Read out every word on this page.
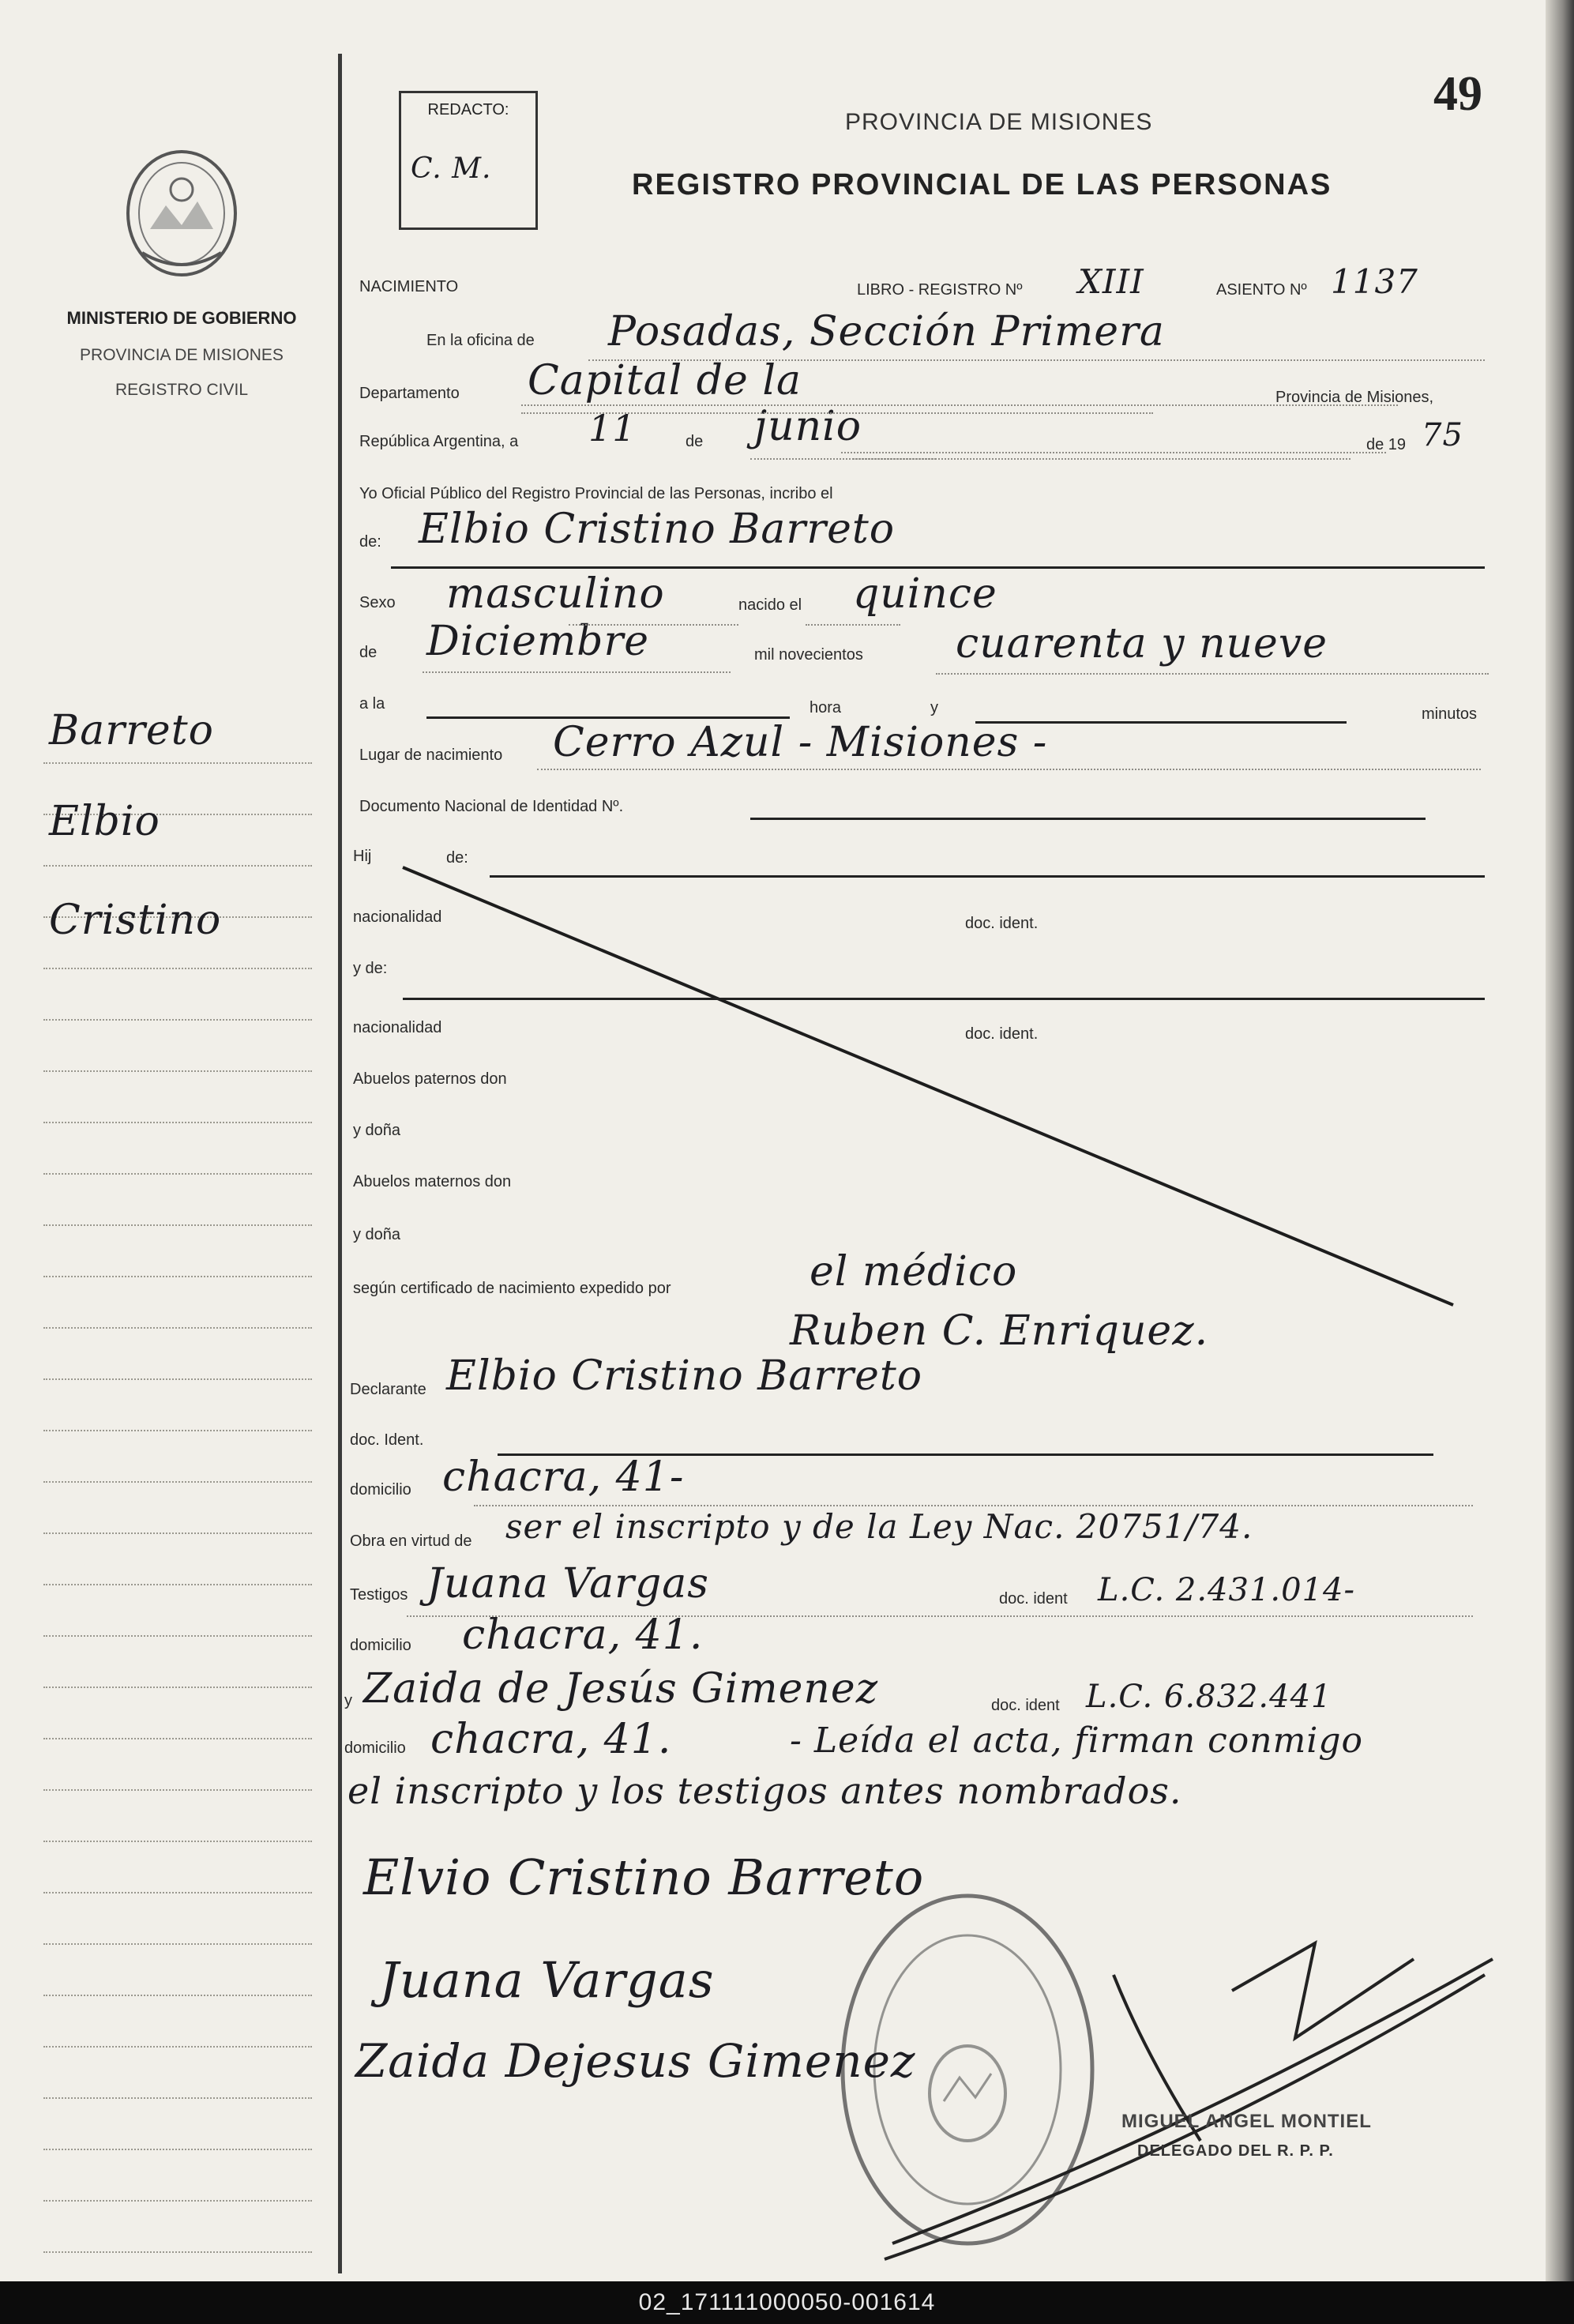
MINISTERIO DE GOBIERNO
PROVINCIA DE MISIONES
REGISTRO CIVIL
Barreto
Elbio
Cristino
REDACTO:
C. M.
PROVINCIA DE MISIONES
REGISTRO PROVINCIAL DE LAS PERSONAS
49
NACIMIENTO	LIBRO - REGISTRO Nº XIII	ASIENTO Nº 1137
En la oficina de Posadas, Sección Primera
Departamento Capital de la	Provincia de Misiones,
República Argentina, a 11	de junio	de 19 75
Yo Oficial Público del Registro Provincial de las Personas, incribo el
de: Elbio Cristino Barreto
Sexo masculino	nacido el quince
de Diciembre	mil novecientos cuarenta y nueve
a la	hora	y	minutos
Lugar de nacimiento Cerro Azul - Misiones -
Documento Nacional de Identidad Nº.
Hij	de:
nacionalidad	doc. ident.
y de:
nacionalidad	doc. ident.
Abuelos paternos don
y doña
Abuelos maternos don
y doña
según certificado de nacimiento expedido por	el médico
Ruben C. Enriquez.
Declarante Elbio Cristino Barreto
doc. Ident.
domicilio chacra, 41-
Obra en virtud de ser el inscripto y de la Ley Nac. 20751/74.
Testigos Juana Vargas	doc. ident L.C. 2.431.014-
domicilio chacra, 41.
y Zaida de Jesús Gimenez	doc. ident L.C. 6.832.441
domicilio chacra, 41.	- Leída el acta, firman conmigo
el inscripto y los testigos antes nombrados.
Elvio Cristino Barreto
Juana Vargas
Zaida Dejesus Gimenez
MIGUEL ANGEL MONTIEL
DELEGADO DEL R. P. P.
02_171111000050-001614
